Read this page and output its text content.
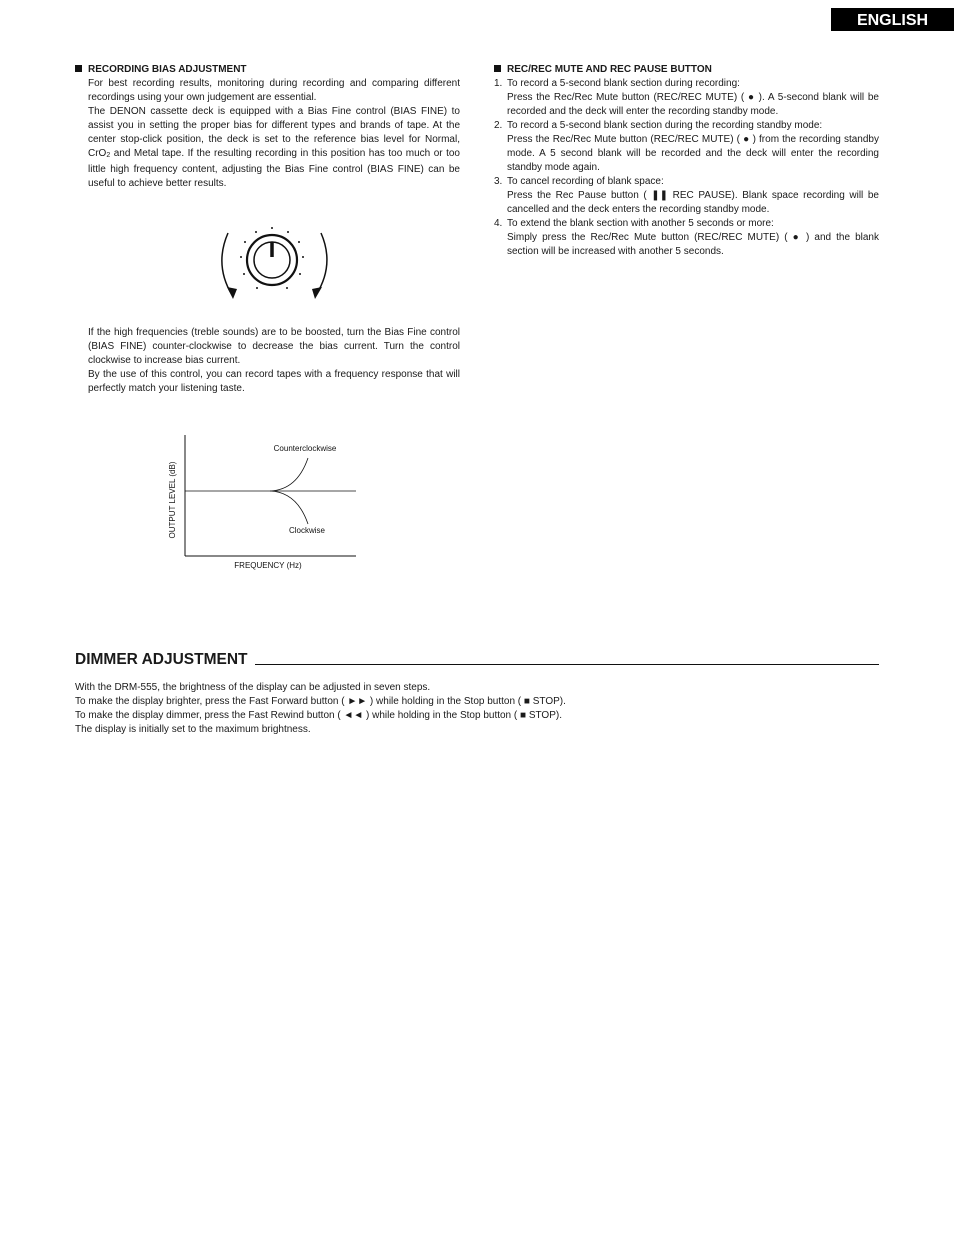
ENGLISH
RECORDING BIAS ADJUSTMENT

For best recording results, monitoring during recording and comparing different recordings using your own judgement are essential.

The DENON cassette deck is equipped with a Bias Fine control (BIAS FINE) to assist you in setting the proper bias for different types and brands of tape. At the center stop-click position, the deck is set to the reference bias level for Normal, CrO2 and Metal tape. If the resulting recording in this position has too much or too little high frequency content, adjusting the Bias Fine control (BIAS FINE) can be useful to achieve better results.

If the high frequencies (treble sounds) are to be boosted, turn the Bias Fine control (BIAS FINE) counter-clockwise to decrease the bias current. Turn the control clockwise to increase bias current.

By the use of this control, you can record tapes with a frequency response that will perfectly match your listening taste.

Counterclockwise
Clockwise
FREQUENCY (Hz)
OUTPUT LEVEL (dB)
REC/REC MUTE AND REC PAUSE BUTTON
1. To record a 5-second blank section during recording:
Press the Rec/Rec Mute button (REC/REC MUTE) ( ● ). A 5-second blank will be recorded and the deck will enter the recording standby mode.
2. To record a 5-second blank section during the recording standby mode:
Press the Rec/Rec Mute button (REC/REC MUTE) ( ● ) from the recording standby mode. A 5 second blank will be recorded and the deck will enter the recording standby mode again.
3. To cancel recording of blank space:
Press the Rec Pause button ( ❚❚ REC PAUSE). Blank space recording will be cancelled and the deck enters the recording standby mode.
4. To extend the blank section with another 5 seconds or more:
Simply press the Rec/Rec Mute button (REC/REC MUTE) ( ● ) and the blank section will be increased with another 5 seconds.
DIMMER ADJUSTMENT
With the DRM-555, the brightness of the display can be adjusted in seven steps.
To make the display brighter, press the Fast Forward button ( ►► ) while holding in the Stop button ( ■ STOP).
To make the display dimmer, press the Fast Rewind button ( ◄◄ ) while holding in the Stop button ( ■ STOP).
The display is initially set to the maximum brightness.
